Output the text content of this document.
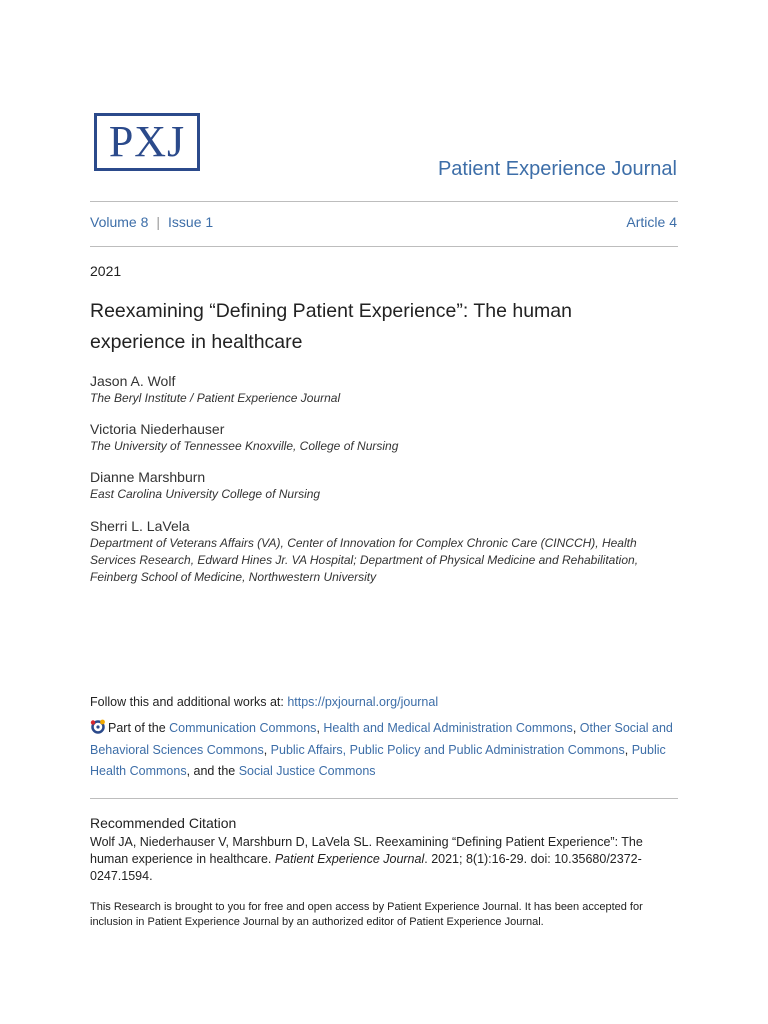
PXJ
Patient Experience Journal
Volume 8 | Issue 1	Article 4
2021
Reexamining “Defining Patient Experience”: The human experience in healthcare
Jason A. Wolf
The Beryl Institute / Patient Experience Journal
Victoria Niederhauser
The University of Tennessee Knoxville, College of Nursing
Dianne Marshburn
East Carolina University College of Nursing
Sherri L. LaVela
Department of Veterans Affairs (VA), Center of Innovation for Complex Chronic Care (CINCCH), Health Services Research, Edward Hines Jr. VA Hospital; Department of Physical Medicine and Rehabilitation, Feinberg School of Medicine, Northwestern University
Follow this and additional works at: https://pxjournal.org/journal
Part of the Communication Commons, Health and Medical Administration Commons, Other Social and Behavioral Sciences Commons, Public Affairs, Public Policy and Public Administration Commons, Public Health Commons, and the Social Justice Commons
Recommended Citation
Wolf JA, Niederhauser V, Marshburn D, LaVela SL. Reexamining “Defining Patient Experience”: The human experience in healthcare. Patient Experience Journal. 2021; 8(1):16-29. doi: 10.35680/2372-0247.1594.
This Research is brought to you for free and open access by Patient Experience Journal. It has been accepted for inclusion in Patient Experience Journal by an authorized editor of Patient Experience Journal.
